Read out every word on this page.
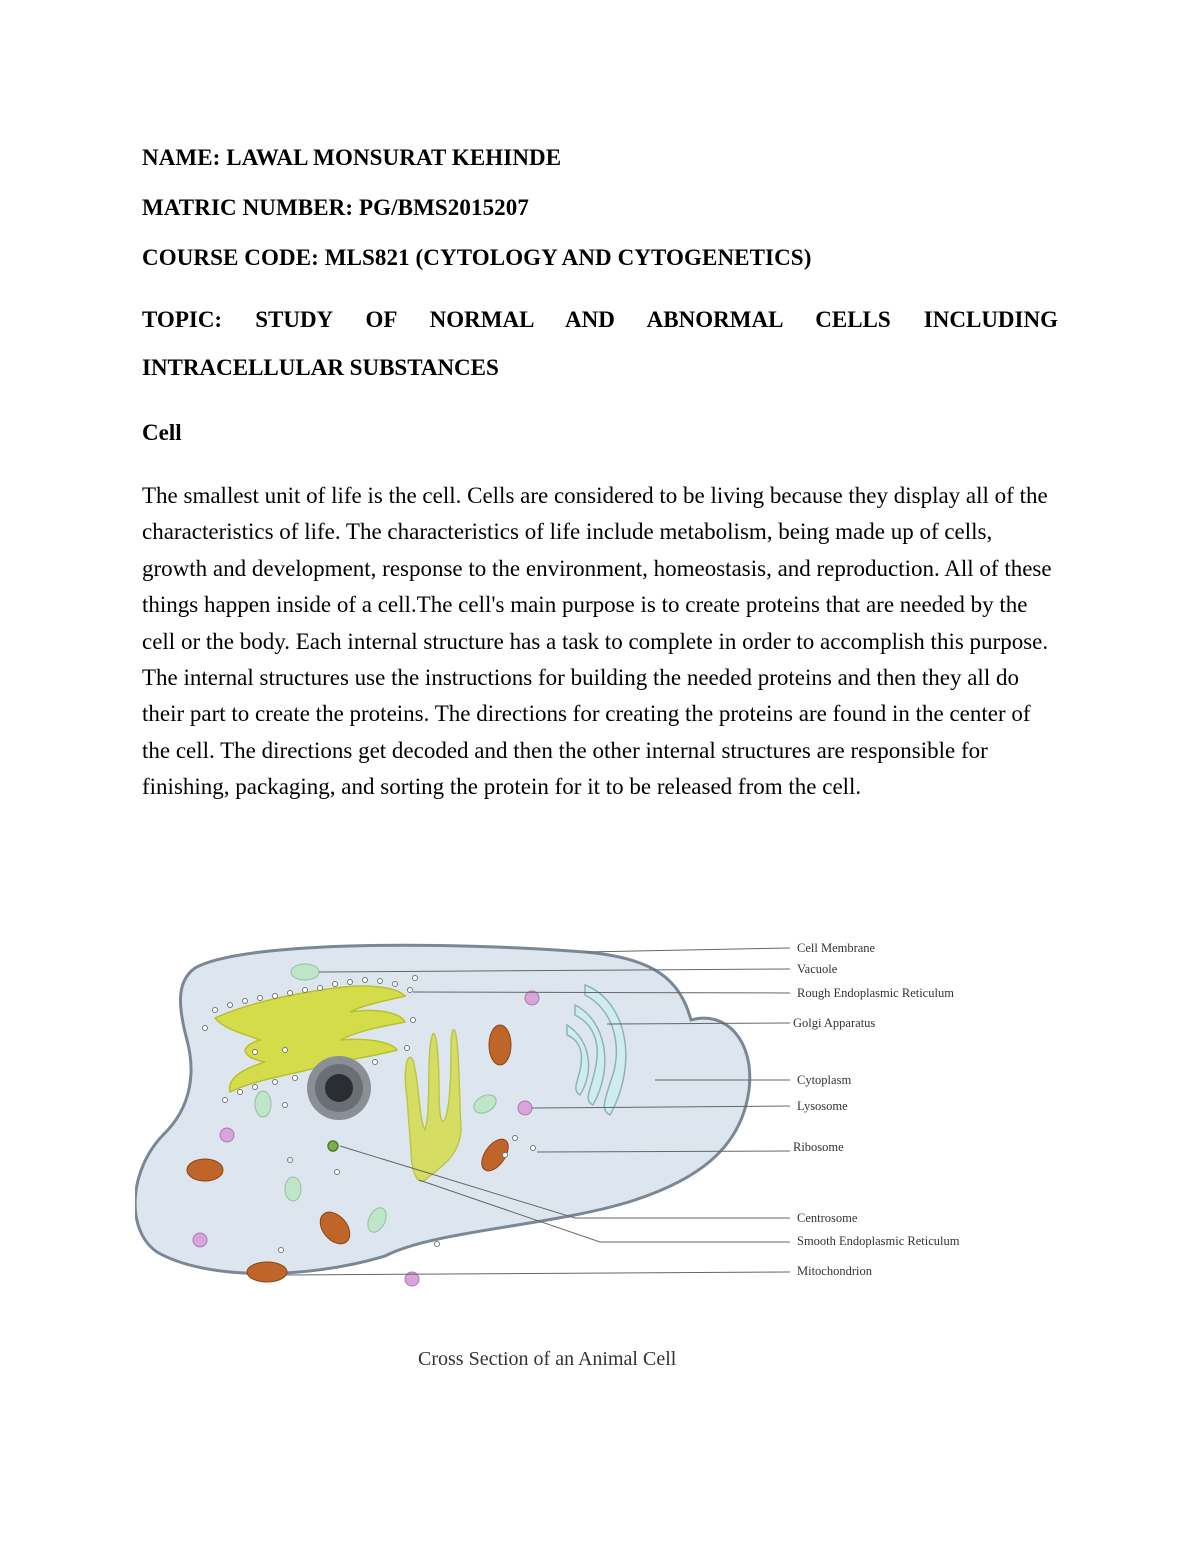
NAME: LAWAL MONSURAT KEHINDE
MATRIC NUMBER: PG/BMS2015207
COURSE CODE: MLS821 (CYTOLOGY AND CYTOGENETICS)
TOPIC: STUDY OF NORMAL AND ABNORMAL CELLS INCLUDING
INTRACELLULAR SUBSTANCES
Cell

The smallest unit of life is the cell. Cells are considered to be living because they display all of the characteristics of life. The characteristics of life include metabolism, being made up of cells, growth and development, response to the environment, homeostasis, and reproduction. All of these things happen inside of a cell.The cell's main purpose is to create proteins that are needed by the cell or the body. Each internal structure has a task to complete in order to accomplish this purpose. The internal structures use the instructions for building the needed proteins and then they all do their part to create the proteins. The directions for creating the proteins are found in the center of the cell. The directions get decoded and then the other internal structures are responsible for finishing, packaging, and sorting the protein for it to be released from the cell.

Cell Membrane
Vacuole
Rough Endoplasmic Reticulum
Golgi Apparatus
Cytoplasm
Lysosome
Ribosome
Centrosome
Smooth Endoplasmic Reticulum
Mitochondrion
Cross Section of an Animal Cell
